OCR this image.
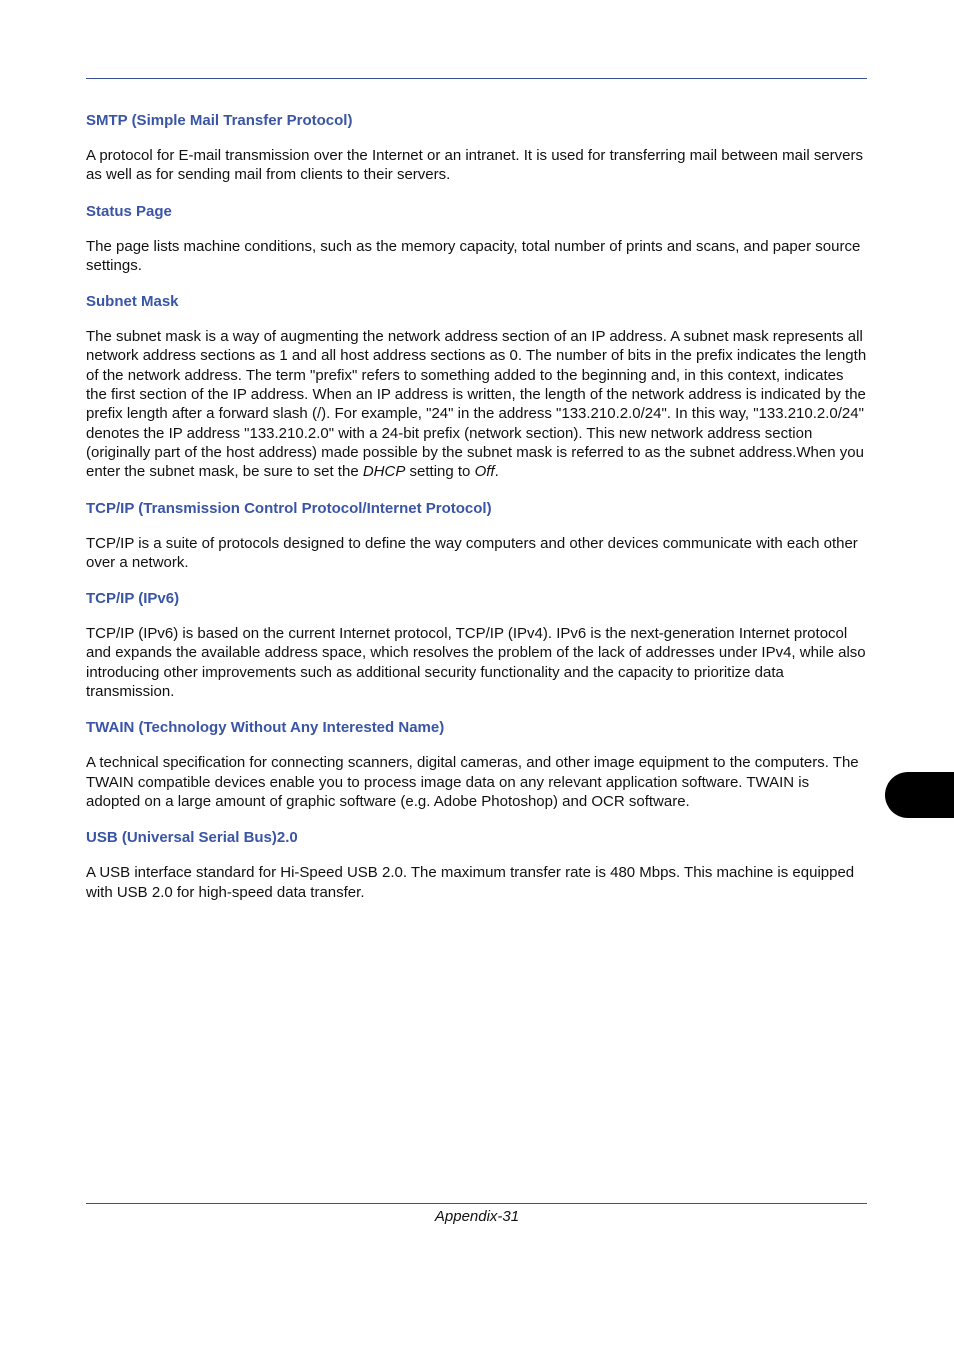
SMTP (Simple Mail Transfer Protocol)

A protocol for E-mail transmission over the Internet or an intranet. It is used for transferring mail between mail servers as well as for sending mail from clients to their servers.

Status Page

The page lists machine conditions, such as the memory capacity, total number of prints and scans, and paper source settings.

Subnet Mask

The subnet mask is a way of augmenting the network address section of an IP address. A subnet mask represents all network address sections as 1 and all host address sections as 0. The number of bits in the prefix indicates the length of the network address. The term "prefix" refers to something added to the beginning and, in this context, indicates the first section of the IP address. When an IP address is written, the length of the network address is indicated by the prefix length after a forward slash (/). For example, "24" in the address "133.210.2.0/24". In this way, "133.210.2.0/24" denotes the IP address "133.210.2.0" with a 24-bit prefix (network section). This new network address section (originally part of the host address) made possible by the subnet mask is referred to as the subnet address.When you enter the subnet mask, be sure to set the DHCP setting to Off.

TCP/IP (Transmission Control Protocol/Internet Protocol)

TCP/IP is a suite of protocols designed to define the way computers and other devices communicate with each other over a network.

TCP/IP (IPv6)

TCP/IP (IPv6) is based on the current Internet protocol, TCP/IP (IPv4). IPv6 is the next-generation Internet protocol and expands the available address space, which resolves the problem of the lack of addresses under IPv4, while also introducing other improvements such as additional security functionality and the capacity to prioritize data transmission.

TWAIN (Technology Without Any Interested Name)

A technical specification for connecting scanners, digital cameras, and other image equipment to the computers. The TWAIN compatible devices enable you to process image data on any relevant application software. TWAIN is adopted on a large amount of graphic software (e.g. Adobe Photoshop) and OCR software.

USB (Universal Serial Bus)2.0

A USB interface standard for Hi-Speed USB 2.0. The maximum transfer rate is 480 Mbps. This machine is equipped with USB 2.0 for high-speed data transfer.

Appendix-31
